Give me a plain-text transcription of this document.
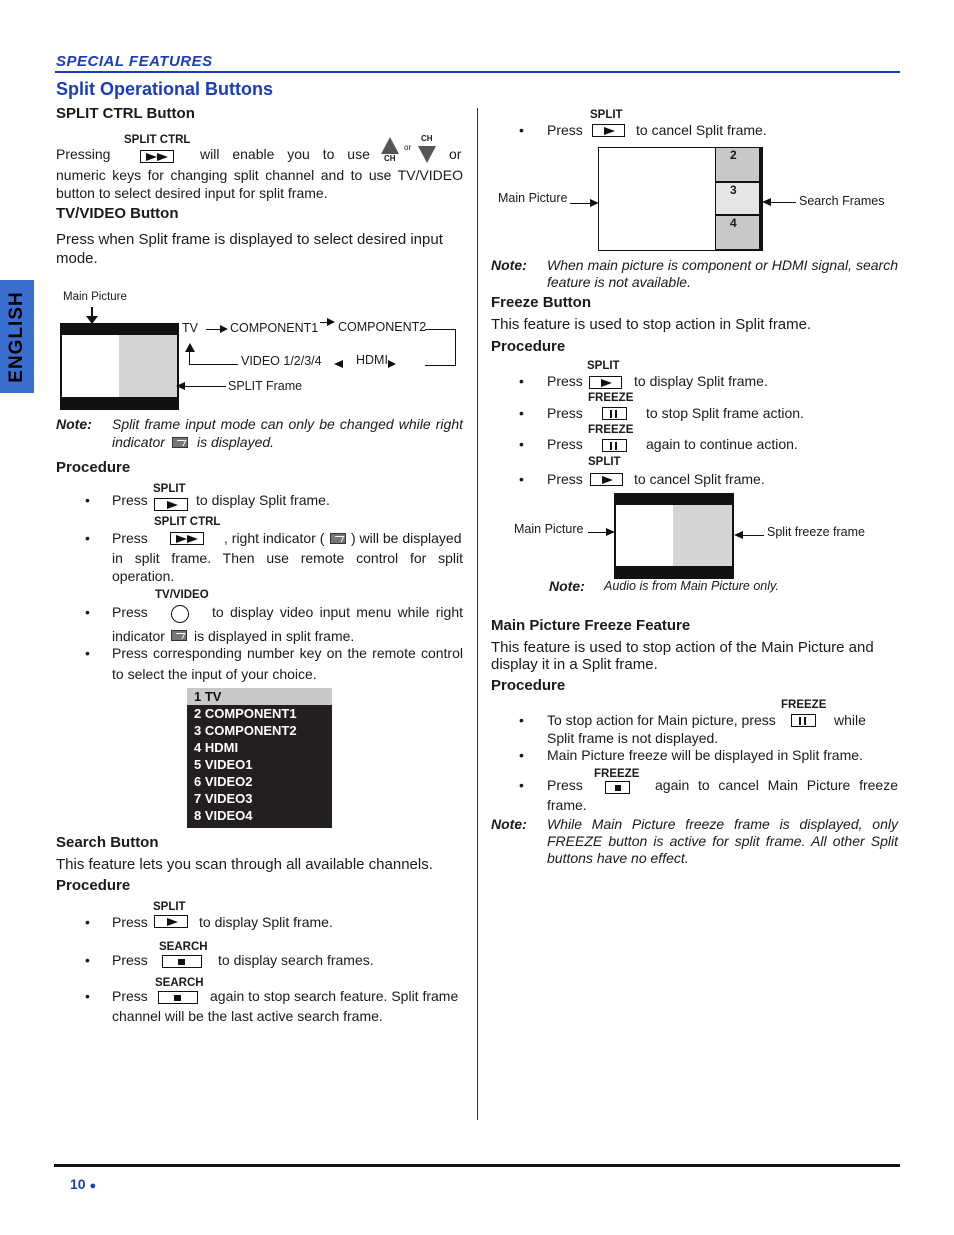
SPECIAL FEATURES
ENGLISH
Split Operational Buttons
SPLIT CTRL Button
SPLIT CTRL
Pressing	will enable you to use CH
or
CH
or
numeric keys for changing split channel and to use TV/VIDEO
button to select desired input for split frame.
TV/VIDEO Button
Press when Split frame is displayed to select desired input
mode.
Main Picture
TV	COMPONENT1 COMPONENT2
HDMI
VIDEO 1/2/3/4
SPLIT Frame
Note: Split frame input mode can only be changed while right
indicator is displayed.
Procedure
SPLIT
• Press	to display Split frame.
SPLIT CTRL
• Press	, right indicator ( ) will be displayed
in split frame. Then use remote control for split
operation.
TV/VIDEO
• Press	to display video input menu while right
indicator is displayed in split frame.
• Press corresponding number key on the remote control
to select the input of your choice.
1 TV
2 COMPONENT1
3 COMPONENT2
4 HDMI
5 VIDEO1
6 VIDEO2
7 VIDEO3
8 VIDEO4
Search Button
This feature lets you scan through all available channels.
Procedure
SPLIT
• Press	to display Split frame.
SEARCH
• Press	to display search frames.
SEARCH
• Press	again to stop search feature. Split frame
channel will be the last active search frame.
SPLIT
• Press	to cancel Split frame.
2
3
4
Main Picture	Search Frames
Note: When main picture is component or HDMI signal, search
feature is not available.
Freeze Button
This feature is used to stop action in Split frame.
Procedure
SPLIT
• Press	to display Split frame.
FREEZE
• Press	to stop Split frame action.
FREEZE
• Press	again to continue action.
SPLIT
• Press	to cancel Split frame.
Main Picture	Split freeze frame
Note: Audio is from Main Picture only.
Main Picture Freeze Feature
This feature is used to stop action of the Main Picture and
display it in a Split frame.
Procedure
FREEZE
• To stop action for Main picture, press	while
Split frame is not displayed.
• Main Picture freeze will be displayed in Split frame.
FREEZE
• Press	again to cancel Main Picture freeze
frame.
Note: While Main Picture freeze frame is displayed, only
FREEZE button is active for split frame. All other Split
buttons have no effect.
10 ●
